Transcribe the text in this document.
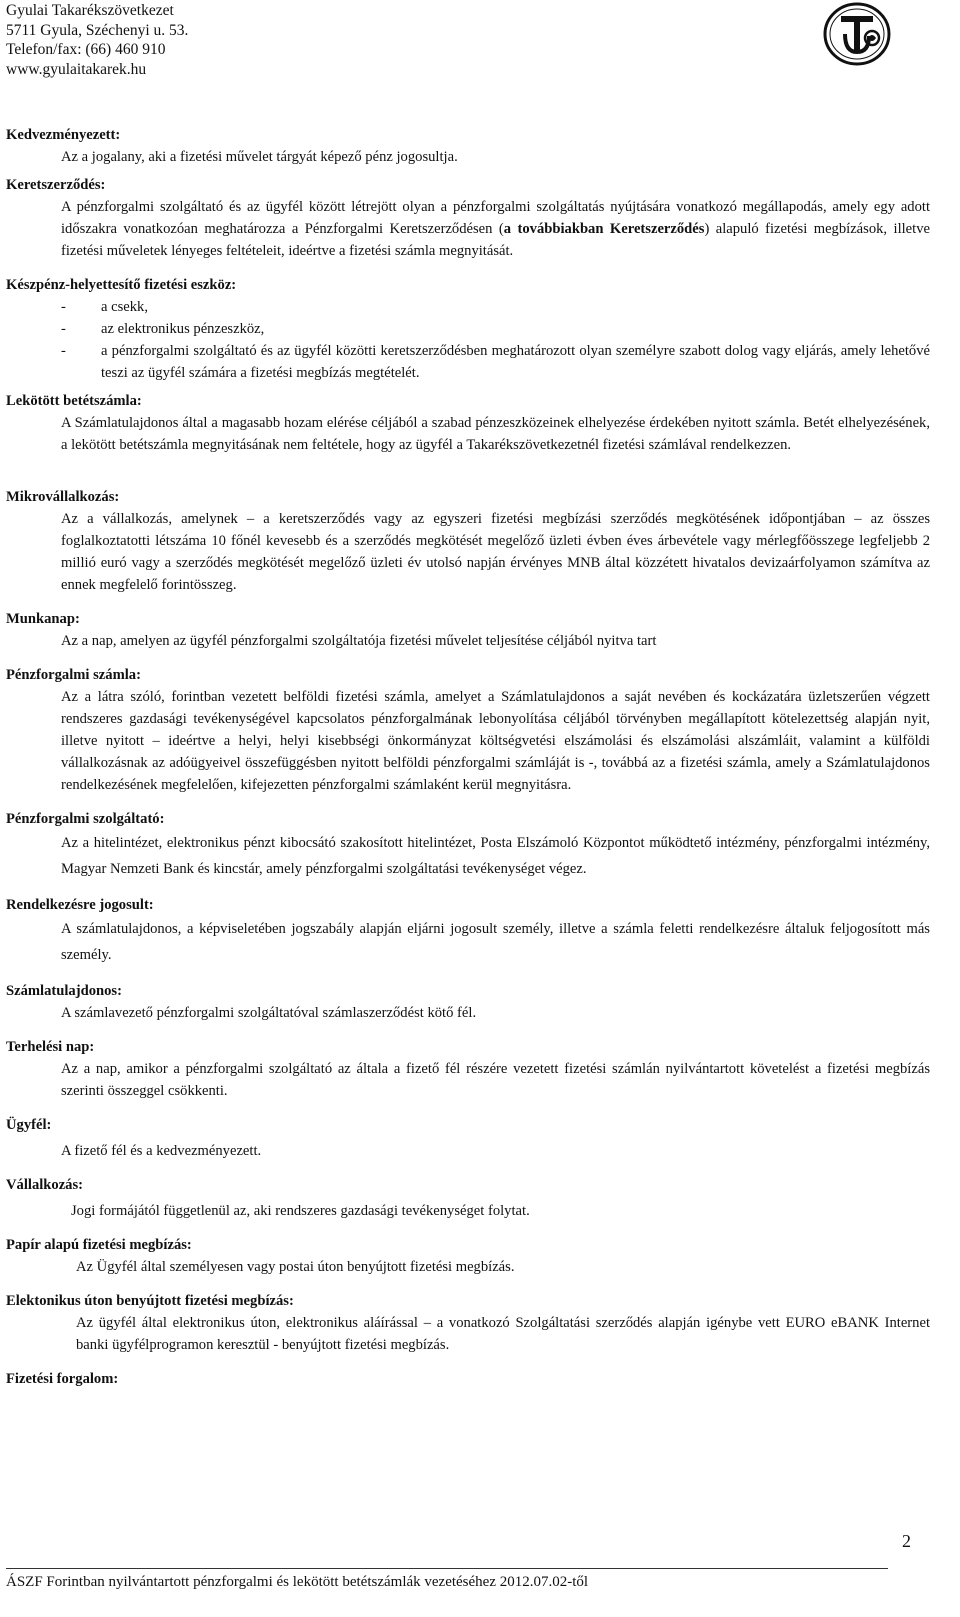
Gyulai Takarékszövetkezet
5711 Gyula, Széchenyi u. 53.
Telefon/fax: (66) 460 910
www.gyulaitakarek.hu
Kedvezményezett:
Az a jogalany, aki a fizetési művelet tárgyát képező pénz jogosultja.
Keretszerződés:
A pénzforgalmi szolgáltató és az ügyfél között létrejött olyan a pénzforgalmi szolgáltatás nyújtására vonatkozó megállapodás, amely egy adott időszakra vonatkozóan meghatározza a Pénzforgalmi Keretszerződésen (a továbbiakban Keretszerződés) alapuló fizetési megbízások, illetve fizetési műveletek lényeges feltételeit, ideértve a fizetési számla megnyitását.
Készpénz-helyettesítő fizetési eszköz:
-	a csekk,
-	az elektronikus pénzeszköz,
-	a pénzforgalmi szolgáltató és az ügyfél közötti keretszerződésben meghatározott olyan személyre szabott dolog vagy eljárás, amely lehetővé teszi az ügyfél számára a fizetési megbízás megtételét.
Lekötött betétszámla:
A Számlatulajdonos által a magasabb hozam elérése céljából a szabad pénzeszközeinek elhelyezése érdekében nyitott számla. Betét elhelyezésének, a lekötött betétszámla megnyitásának nem feltétele, hogy az ügyfél a Takarékszövetkezetnél fizetési számlával rendelkezzen.
Mikrovállalkozás:
Az a vállalkozás, amelynek – a keretszerződés vagy az egyszeri fizetési megbízási szerződés megkötésének időpontjában – az összes foglalkoztatotti létszáma 10 főnél kevesebb és a szerződés megkötését megelőző üzleti évben éves árbevétele vagy mérlegfőösszege legfeljebb 2 millió euró vagy a szerződés megkötését megelőző üzleti év utolsó napján érvényes MNB által közzétett hivatalos devizaárfolyamon számítva az ennek megfelelő forintösszeg.
Munkanap:
Az a nap, amelyen az ügyfél pénzforgalmi szolgáltatója fizetési művelet teljesítése céljából nyitva tart
Pénzforgalmi számla:
Az a látra szóló, forintban vezetett belföldi fizetési számla, amelyet a Számlatulajdonos a saját nevében és kockázatára üzletszerűen végzett rendszeres gazdasági tevékenységével kapcsolatos pénzforgalmának lebonyolítása céljából törvényben megállapított kötelezettség alapján nyit, illetve nyitott – ideértve a helyi, helyi kisebbségi önkormányzat költségvetési elszámolási és elszámolási alszámláit, valamint a külföldi vállalkozásnak az adóügyeivel összefüggésben nyitott belföldi pénzforgalmi számláját is -, továbbá az a fizetési számla, amely a Számlatulajdonos rendelkezésének megfelelően, kifejezetten pénzforgalmi számlaként kerül megnyitásra.
Pénzforgalmi szolgáltató:
Az a hitelintézet, elektronikus pénzt kibocsátó szakosított hitelintézet, Posta Elszámoló Központot működtető intézmény, pénzforgalmi intézmény, Magyar Nemzeti Bank és kincstár, amely pénzforgalmi szolgáltatási tevékenységet végez.
Rendelkezésre jogosult:
A számlatulajdonos, a képviseletében jogszabály alapján eljárni jogosult személy, illetve a számla feletti rendelkezésre általuk feljogosított más személy.
Számlatulajdonos:
A számlavezető pénzforgalmi szolgáltatóval számlaszerződést kötő fél.
Terhelési nap:
Az a nap, amikor a pénzforgalmi szolgáltató az általa a fizető fél részére vezetett fizetési számlán nyilvántartott követelést a fizetési megbízás szerinti összeggel csökkenti.
Ügyfél:
A fizető fél és a kedvezményezett.
Vállalkozás:
Jogi formájától függetlenül az, aki rendszeres gazdasági tevékenységet folytat.
Papír alapú fizetési megbízás:
Az Ügyfél által személyesen vagy postai úton benyújtott fizetési megbízás.
Elektonikus úton benyújtott fizetési megbízás:
Az ügyfél által elektronikus úton, elektronikus aláírással – a vonatkozó Szolgáltatási szerződés alapján igénybe vett EURO eBANK Internet banki ügyfélprogramon keresztül - benyújtott fizetési megbízás.
Fizetési forgalom:
2
ÁSZF Forintban nyilvántartott pénzforgalmi és lekötött betétszámlák vezetéséhez 2012.07.02-től
